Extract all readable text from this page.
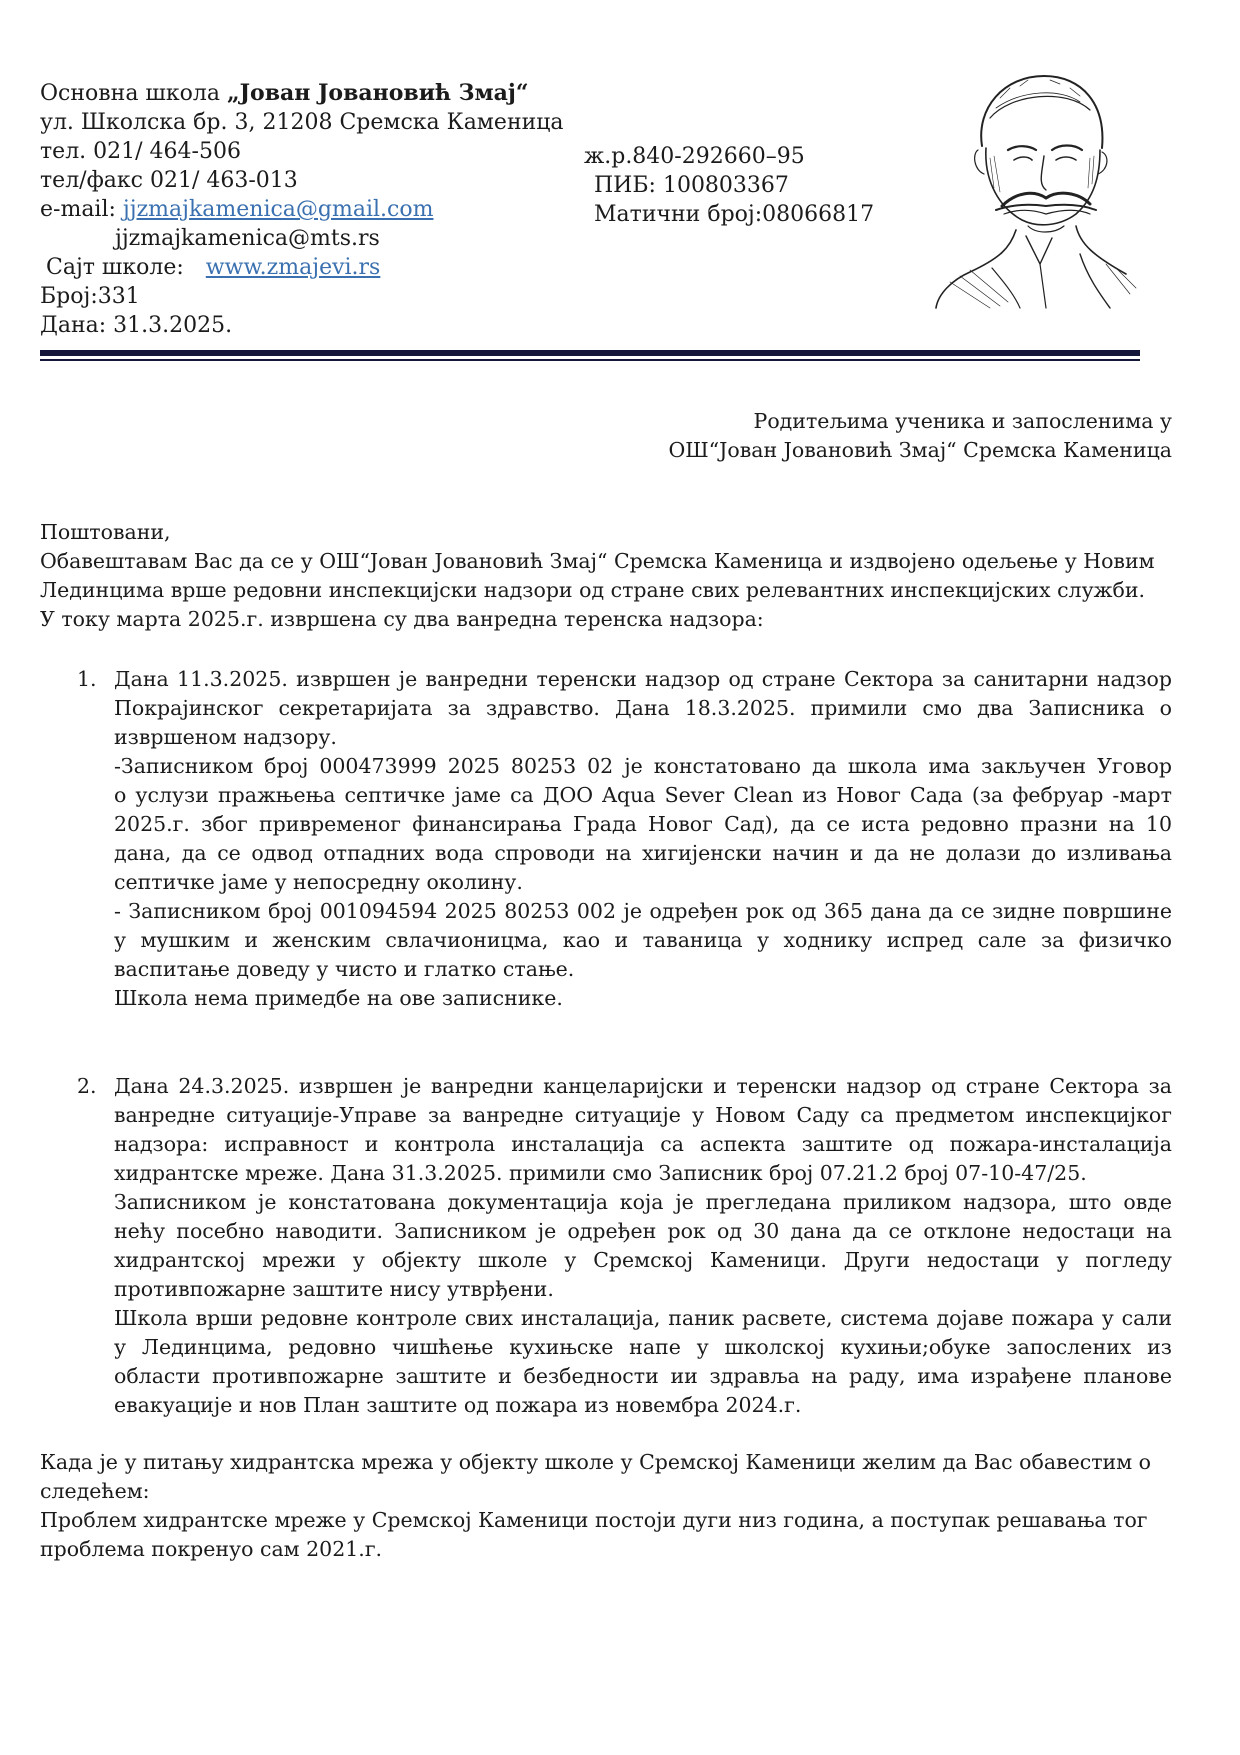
Основна школа „Јован Јовановић Змај“
ул. Школска бр. 3, 21208 Сремска Каменица
тел. 021/ 464-506
тел/факс 021/ 463-013
e-mail: jjzmajkamenica@gmail.com
jjzmajkamenica@mts.rs
Сајт школе: www.zmajevi.rs
Број:331
Дана: 31.3.2025.
ж.р.840-292660–95
ПИБ: 100803367
Матични број:08066817
Родитељима ученика и запосленима у
ОШ“Јован Јовановић Змај“ Сремска Каменица
Поштовани,
Обавештавам Вас да се у ОШ“Јован Јовановић Змај“ Сремска Каменица и издвојено одељење у Новим
Лединцима врше редовни инспекцијски надзори од стране свих релевантних инспекцијских служби.
У току марта 2025.г. извршена су два ванредна теренска надзора:
1. Дана 11.3.2025. извршен је ванредни теренски надзор од стране Сектора за санитарни надзор
Покрајинског секретаријата за здравство. Дана 18.3.2025. примили смо два Записника о
извршеном надзору.
-Записником број 000473999 2025 80253 02 је констатовано да школа има закључен Уговор
о услузи пражњења септичке јаме са ДОО Aqua Sever Clean из Новог Сада (за фебруар -март
2025.г. због привременог финансирања Града Новог Сад), да се иста редовно празни на 10
дана, да се одвод отпадних вода спроводи на хигијенски начин и да не долази до изливања
септичке јаме у непосредну околину.
- Записником број 001094594 2025 80253 002 је одређен рок од 365 дана да се зидне површине
у мушким и женским свлачионицма, као и таваница у ходнику испред сале за физичко
васпитање доведу у чисто и глатко стање.
Школа нема примедбе на ове записнике.
2. Дана 24.3.2025. извршен је ванредни канцеларијски и теренски надзор од стране Сектора за
ванредне ситуације-Управе за ванредне ситуације у Новом Саду са предметом инспекцијког
надзора: исправност и контрола инсталација са аспекта заштите од пожара-инсталација
хидрантске мреже. Дана 31.3.2025. примили смо Записник број 07.21.2 број 07-10-47/25.
Записником је констатована документација која је прегледана приликом надзора, што овде
нећу посебно наводити. Записником је одређен рок од 30 дана да се отклоне недостаци на
хидрантској мрежи у објекту школе у Сремској Каменици. Други недостаци у погледу
противпожарне заштите нису утврђени.
Школа врши редовне контроле свих инсталација, паник расвете, система дојаве пожара у сали
у Лединцима, редовно чишћење кухињске напе у школској кухињи;обуке запослених из
области противпожарне заштите и безбедности ии здравља на раду, има израђене планове
евакуације и нов План заштите од пожара из новембра 2024.г.
Када је у питању хидрантска мрежа у објекту школе у Сремској Каменици желим да Вас обавестим о
следећем:
Проблем хидрантске мреже у Сремској Каменици постоји дуги низ година, а поступак решавања тог
проблема покренуо сам 2021.г.
